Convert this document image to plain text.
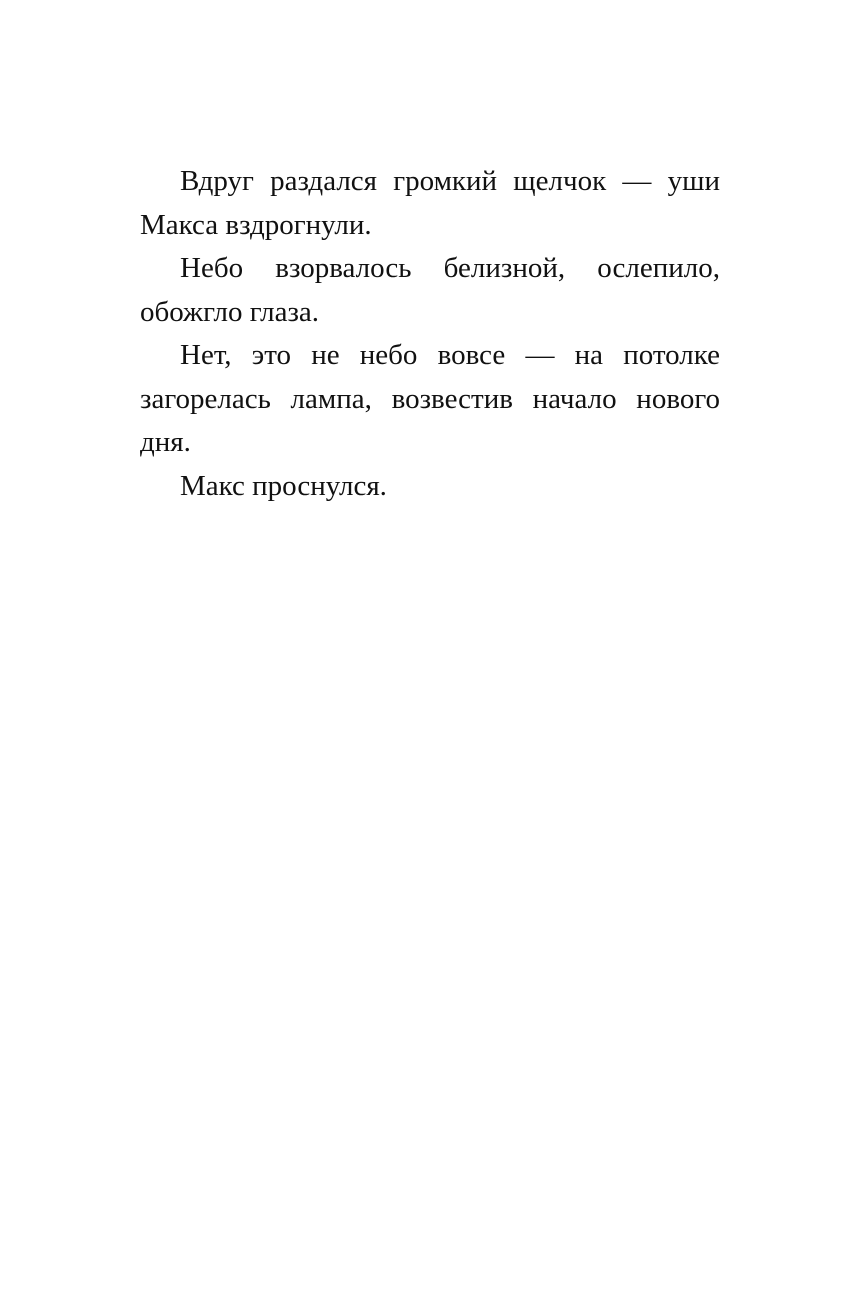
Вдруг раздался громкий щелчок — уши Макса вздрогнули.

Небо взорвалось белизной, ослепило, обожгло глаза.

Нет, это не небо вовсе — на потолке загорелась лампа, возвестив начало нового дня.

Макс проснулся.
